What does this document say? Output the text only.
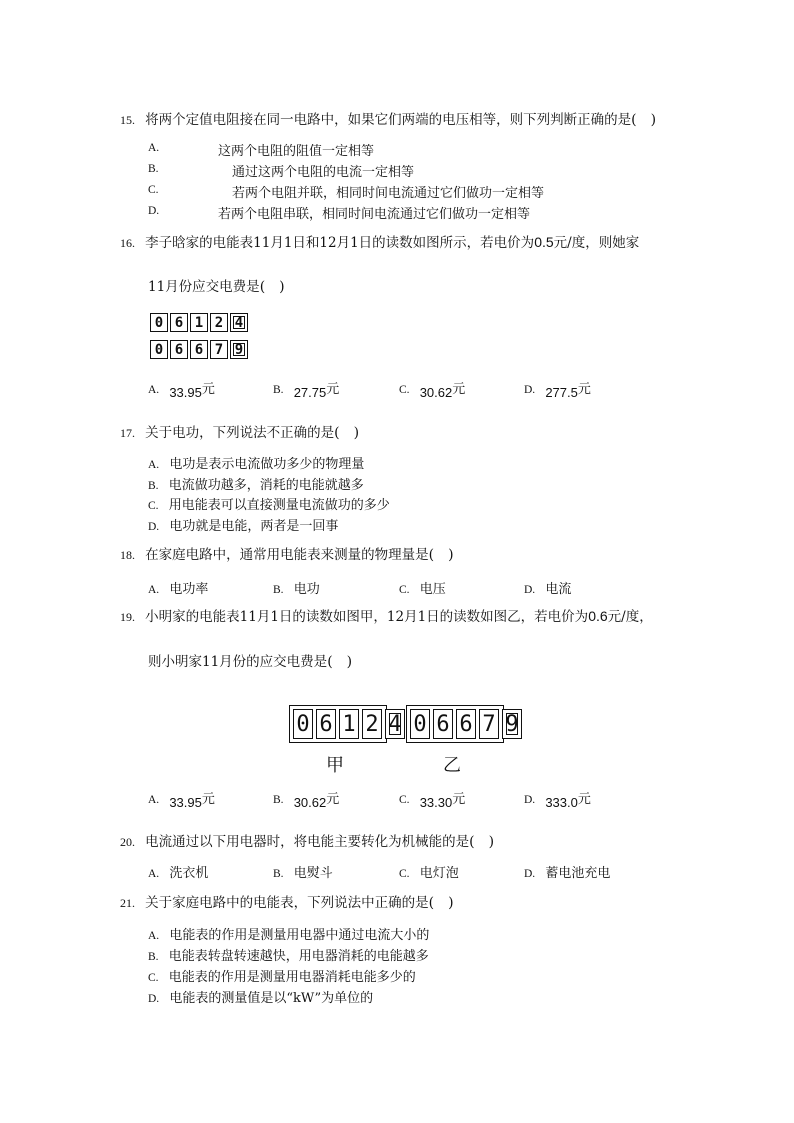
15. 将两个定值电阻接在同一电路中，如果它们两端的电压相等，则下列判断正确的是(　)
A.	这两个电阻的阻值一定相等
B.	通过这两个电阻的电流一定相等
C.	若两个电阻并联，相同时间电流通过它们做功一定相等
D.	若两个电阻串联，相同时间电流通过它们做功一定相等
16. 李子晗家的电能表11月1日和12月1日的读数如图所示，若电价为0.5元/度，则她家
11月份应交电费是(　)
0 6 1 2 4
0 6 6 7 9
A. 33.95元	B. 27.75元	C. 30.62元	D. 277.5元
17. 关于电功，下列说法不正确的是(　)
A. 电功是表示电流做功多少的物理量
B. 电流做功越多，消耗的电能就越多
C. 用电能表可以直接测量电流做功的多少
D. 电功就是电能，两者是一回事
18. 在家庭电路中，通常用电能表来测量的物理量是(　)
A. 电功率	B. 电功	C. 电压	D. 电流
19. 小明家的电能表11月1日的读数如图甲，12月1日的读数如图乙，若电价为0.6元/度，
则小明家11月份的应交电费是(　)
0 6 1 2 4 0 6 6 7 9
甲	乙
A. 33.95元	B. 30.62元	C. 33.30元	D. 333.0元
20. 电流通过以下用电器时，将电能主要转化为机械能的是(　)
A. 洗衣机	B. 电熨斗	C. 电灯泡	D. 蓄电池充电
21. 关于家庭电路中的电能表，下列说法中正确的是(　)
A. 电能表的作用是测量用电器中通过电流大小的
B. 电能表转盘转速越快，用电器消耗的电能越多
C. 电能表的作用是测量用电器消耗电能多少的
D. 电能表的测量值是以“kW”为单位的
